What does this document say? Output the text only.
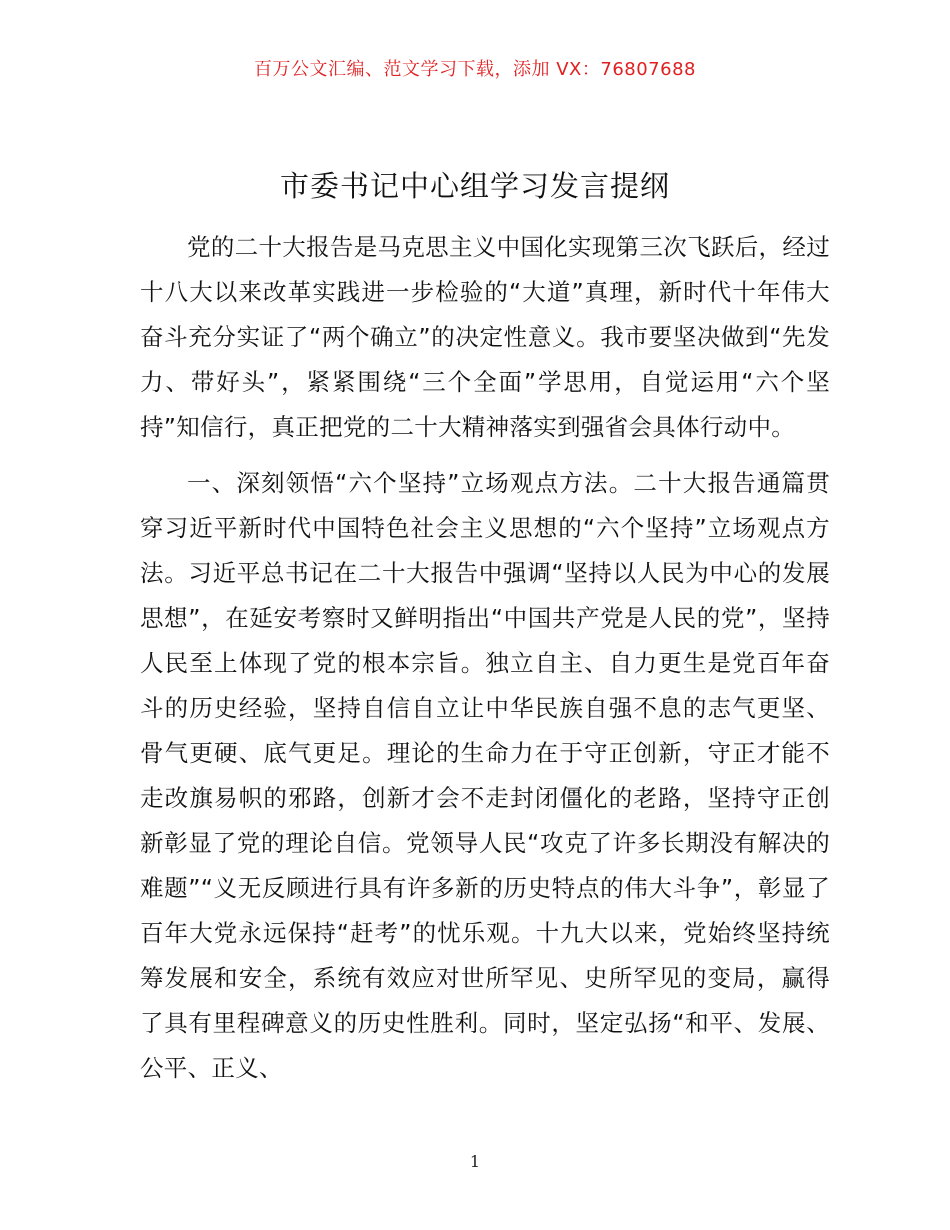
百万公文汇编、范文学习下载，添加 VX：76807688
市委书记中心组学习发言提纲

党的二十大报告是马克思主义中国化实现第三次飞跃后，经过十八大以来改革实践进一步检验的“大道”真理，新时代十年伟大奋斗充分实证了“两个确立”的决定性意义。我市要坚决做到“先发力、带好头”，紧紧围绕“三个全面”学思用，自觉运用“六个坚持”知信行，真正把党的二十大精神落实到强省会具体行动中。

一、深刻领悟“六个坚持”立场观点方法。二十大报告通篇贯穿习近平新时代中国特色社会主义思想的“六个坚持”立场观点方法。习近平总书记在二十大报告中强调“坚持以人民为中心的发展思想”，在延安考察时又鲜明指出“中国共产党是人民的党”，坚持人民至上体现了党的根本宗旨。独立自主、自力更生是党百年奋斗的历史经验，坚持自信自立让中华民族自强不息的志气更坚、骨气更硬、底气更足。理论的生命力在于守正创新，守正才能不走改旗易帜的邪路，创新才会不走封闭僵化的老路，坚持守正创新彰显了党的理论自信。党领导人民“攻克了许多长期没有解决的难题”“义无反顾进行具有许多新的历史特点的伟大斗争”，彰显了百年大党永远保持“赶考”的忧乐观。十九大以来，党始终坚持统筹发展和安全，系统有效应对世所罕见、史所罕见的变局，赢得了具有里程碑意义的历史性胜利。同时，坚定弘扬“和平、发展、公平、正义、

1
